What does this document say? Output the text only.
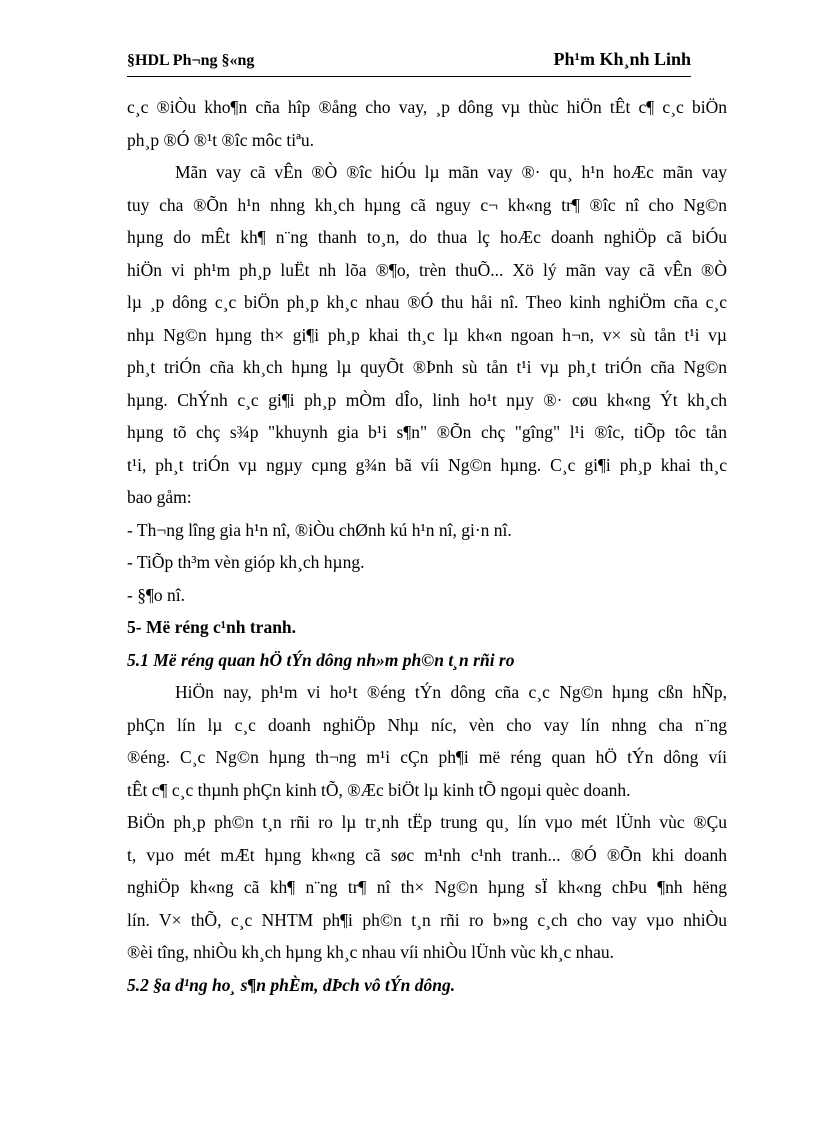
§HDL Ph¬ng §«ng	Ph¹m Kh¸nh Linh
c¸c ®iÒu kho¶n cña hîp ®ång cho vay, ¸p dông vµ thùc hiÖn tÊt c¶ c¸c biÖn
ph¸p ®Ó ®¹t ®îc môc tiªu.
Mãn vay cã vÊn ®Ò ®îc hiÓu lµ mãn vay ®· qu¸ h¹n hoÆc mãn vay
tuy cha ®Õn h¹n nhng kh¸ch hµng cã nguy c¬ kh«ng tr¶ ®îc nî cho Ng©n
hµng do mÊt kh¶ n¨ng thanh to¸n, do thua lç hoÆc doanh nghiÖp cã biÓu
hiÖn vi ph¹m ph¸p luËt nh lõa ®¶o, trèn thuÕ... Xö lý mãn vay cã vÊn ®Ò
lµ ¸p dông c¸c biÖn ph¸p kh¸c nhau ®Ó thu håi nî. Theo kinh nghiÖm cña c¸c
nhµ Ng©n hµng th× gi¶i ph¸p khai th¸c lµ kh«n ngoan h¬n, v× sù tån t¹i vµ
ph¸t triÓn cña kh¸ch hµng lµ quyÕt ®Þnh sù tån t¹i vµ ph¸t triÓn cña Ng©n
hµng. ChÝnh c¸c gi¶i ph¸p mÒm dÎo, linh ho¹t nµy ®· cøu kh«ng Ýt kh¸ch
hµng tõ chç s¾p "khuynh gia b¹i s¶n" ®Õn chç "gîng" l¹i ®îc, tiÕp tôc tån
t¹i, ph¸t triÓn vµ ngµy cµng g¾n bã víi Ng©n hµng. C¸c gi¶i ph¸p khai th¸c
bao gåm:
- Th¬ng lîng gia h¹n nî, ®iÒu chØnh kú h¹n nî, gi·n nî.
- TiÕp th³m vèn gióp kh¸ch hµng.
- §¶o nî.
5- Më réng c¹nh tranh.
5.1 Më réng quan hÖ tÝn dông nh»m ph©n t¸n rñi ro
HiÖn nay, ph¹m vi ho¹t ®éng tÝn dông cña c¸c Ng©n hµng cßn hÑp,
phÇn lín lµ c¸c doanh nghiÖp Nhµ níc, vèn cho vay lín nhng cha n¨ng
®éng. C¸c Ng©n hµng th¬ng m¹i cÇn ph¶i më réng quan hÖ tÝn dông víi
tÊt c¶ c¸c thµnh phÇn kinh tÕ, ®Æc biÖt lµ kinh tÕ ngoµi quèc doanh.
BiÖn ph¸p ph©n t¸n rñi ro lµ tr¸nh tËp trung qu¸ lín vµo mét lÜnh vùc ®Çu
t, vµo mét mÆt hµng kh«ng cã søc m¹nh c¹nh tranh... ®Ó ®Õn khi doanh
nghiÖp kh«ng cã kh¶ n¨ng tr¶ nî th× Ng©n hµng sÏ kh«ng chÞu ¶nh hëng
lín. V× thÕ, c¸c NHTM ph¶i ph©n t¸n rñi ro b»ng c¸ch cho vay vµo nhiÒu
®èi tîng, nhiÒu kh¸ch hµng kh¸c nhau víi nhiÒu lÜnh vùc kh¸c nhau.
5.2 §a d¹ng ho¸ s¶n phÈm, dÞch vô tÝn dông.
